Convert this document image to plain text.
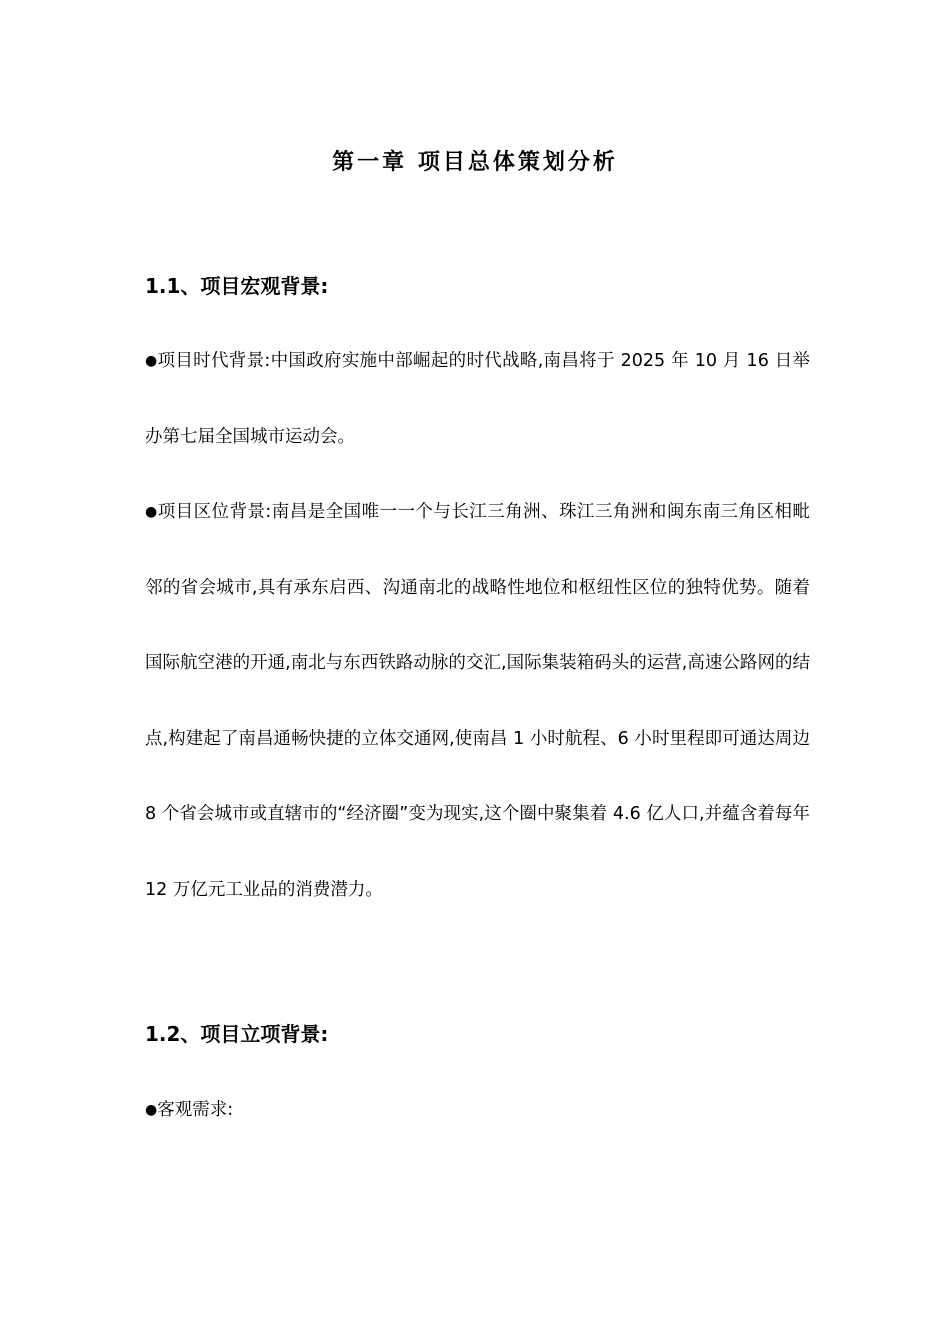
第一章 项目总体策划分析
1.1、项目宏观背景:

●项目时代背景:中国政府实施中部崛起的时代战略,南昌将于 2025 年 10 月 16 日举办第七届全国城市运动会。

●项目区位背景:南昌是全国唯一一个与长江三角洲、珠江三角洲和闽东南三角区相毗邻的省会城市,具有承东启西、沟通南北的战略性地位和枢纽性区位的独特优势。随着国际航空港的开通,南北与东西铁路动脉的交汇,国际集装箱码头的运营,高速公路网的结点,构建起了南昌通畅快捷的立体交通网,使南昌 1 小时航程、6 小时里程即可通达周边 8 个省会城市或直辖市的“经济圈”变为现实,这个圈中聚集着 4.6 亿人口,并蕴含着每年 12 万亿元工业品的消费潜力。

1.2、项目立项背景:

●客观需求:
